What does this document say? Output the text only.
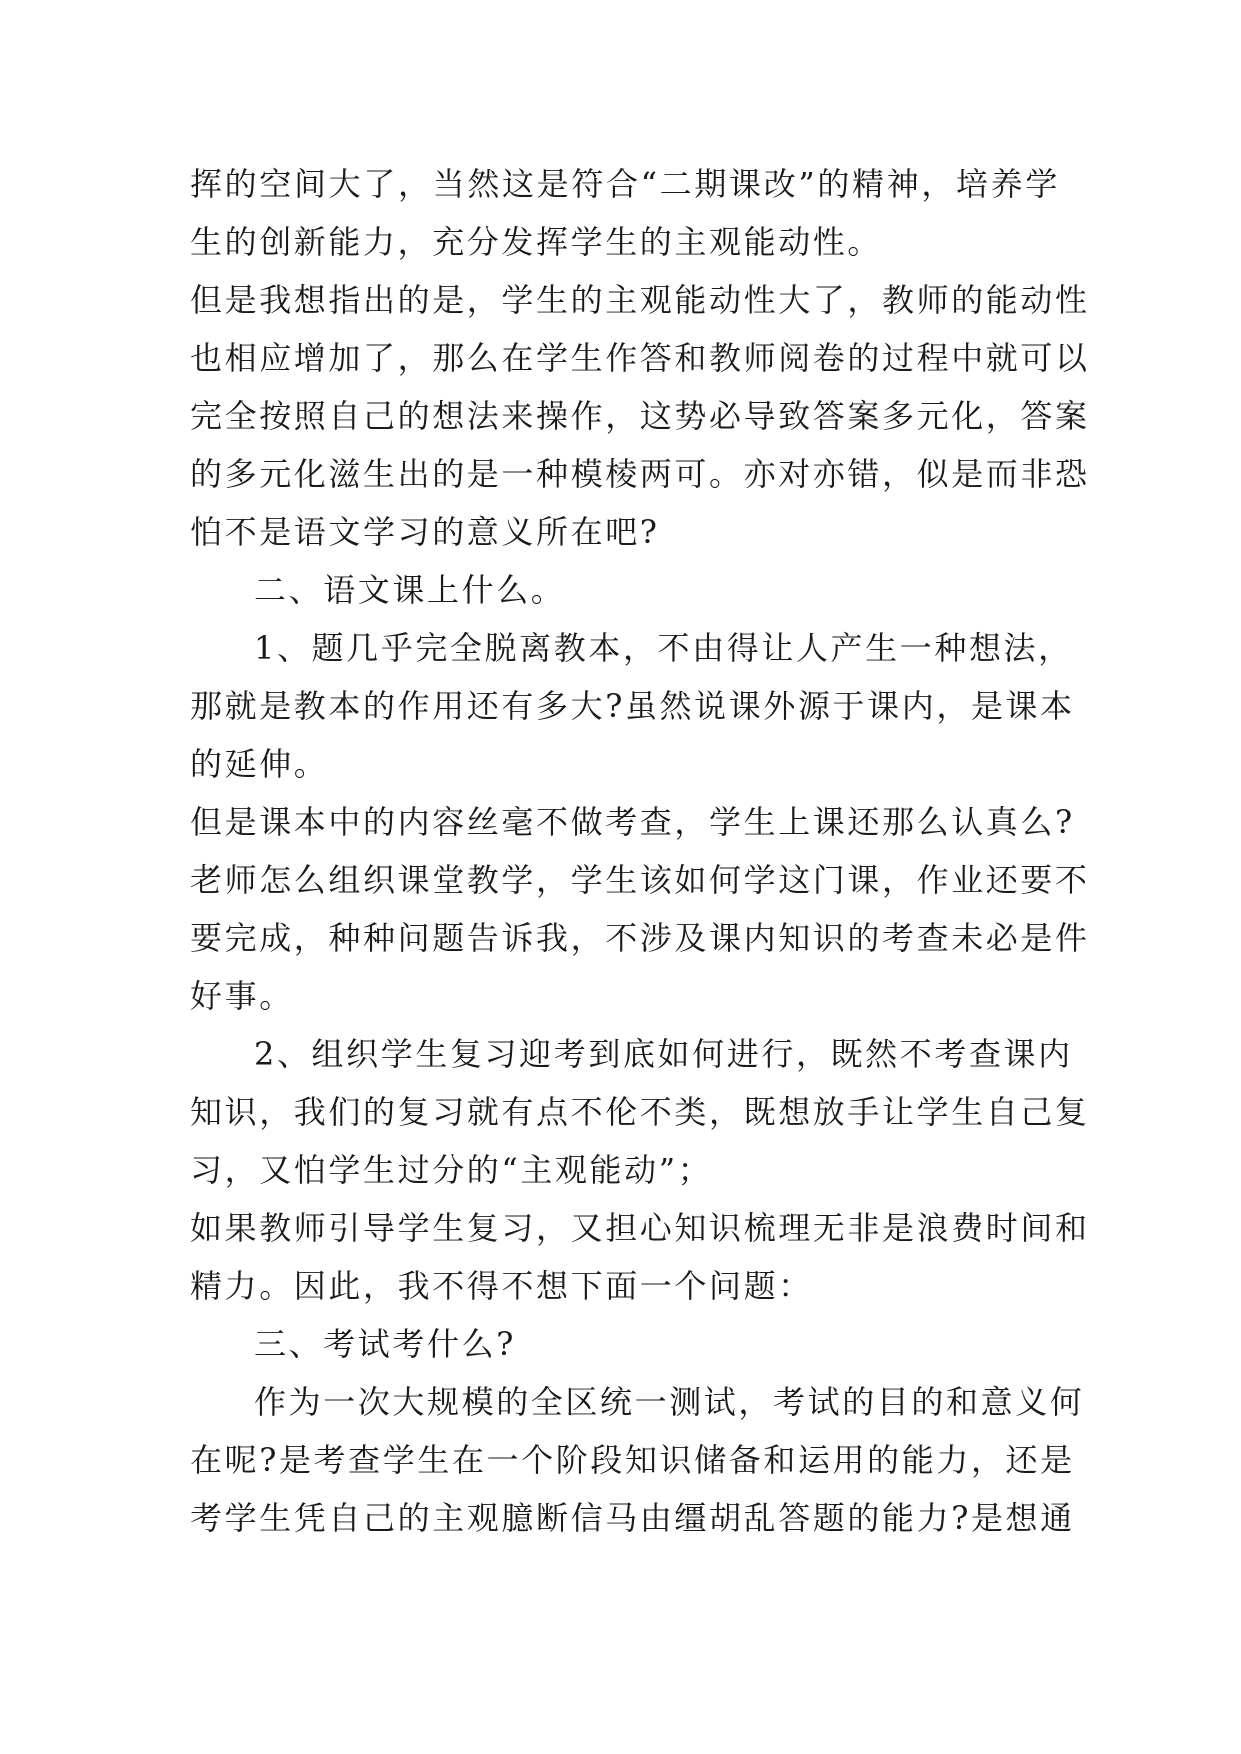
挥的空间大了，当然这是符合“二期课改”的精神，培养学
生的创新能力，充分发挥学生的主观能动性。
但是我想指出的是，学生的主观能动性大了，教师的能动性
也相应增加了，那么在学生作答和教师阅卷的过程中就可以
完全按照自己的想法来操作，这势必导致答案多元化，答案
的多元化滋生出的是一种模棱两可。亦对亦错，似是而非恐
怕不是语文学习的意义所在吧?
二、语文课上什么。
1、题几乎完全脱离教本，不由得让人产生一种想法，
那就是教本的作用还有多大?虽然说课外源于课内，是课本
的延伸。
但是课本中的内容丝毫不做考查，学生上课还那么认真么?
老师怎么组织课堂教学，学生该如何学这门课，作业还要不
要完成，种种问题告诉我，不涉及课内知识的考查未必是件
好事。
2、组织学生复习迎考到底如何进行，既然不考查课内
知识，我们的复习就有点不伦不类，既想放手让学生自己复
习，又怕学生过分的“主观能动”；
如果教师引导学生复习，又担心知识梳理无非是浪费时间和
精力。因此，我不得不想下面一个问题：
三、考试考什么?
作为一次大规模的全区统一测试，考试的目的和意义何
在呢?是考查学生在一个阶段知识储备和运用的能力，还是
考学生凭自己的主观臆断信马由缰胡乱答题的能力?是想通
